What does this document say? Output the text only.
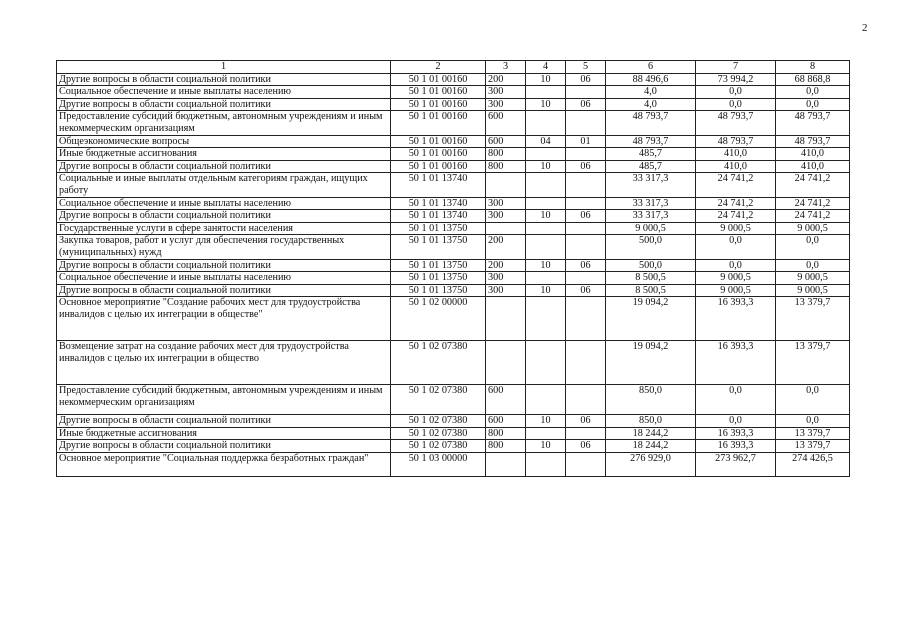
2
1	2	3	4	5	6	7	8
Другие вопросы в области социальной политики	50 1 01 00160	200	10	06	88 496,6	73 994,2	68 868,8
Социальное обеспечение и иные выплаты населению	50 1 01 00160	300			4,0	0,0	0,0
Другие вопросы в области социальной политики	50 1 01 00160	300	10	06	4,0	0,0	0,0
Предоставление субсидий бюджетным, автономным учреждениям и иным некоммерческим организациям	50 1 01 00160	600			48 793,7	48 793,7	48 793,7
Общеэкономические вопросы	50 1 01 00160	600	04	01	48 793,7	48 793,7	48 793,7
Иные бюджетные ассигнования	50 1 01 00160	800			485,7	410,0	410,0
Другие вопросы в области социальной политики	50 1 01 00160	800	10	06	485,7	410,0	410,0
Социальные и иные выплаты отдельным категориям граждан, ищущих работу	50 1 01 13740				33 317,3	24 741,2	24 741,2
Социальное обеспечение и иные выплаты населению	50 1 01 13740	300			33 317,3	24 741,2	24 741,2
Другие вопросы в области социальной политики	50 1 01 13740	300	10	06	33 317,3	24 741,2	24 741,2
Государственные услуги в сфере занятости населения	50 1 01 13750				9 000,5	9 000,5	9 000,5
Закупка товаров, работ и услуг для обеспечения государственных (муниципальных) нужд	50 1 01 13750	200			500,0	0,0	0,0
Другие вопросы в области социальной политики	50 1 01 13750	200	10	06	500,0	0,0	0,0
Социальное обеспечение и иные выплаты населению	50 1 01 13750	300			8 500,5	9 000,5	9 000,5
Другие вопросы в области социальной политики	50 1 01 13750	300	10	06	8 500,5	9 000,5	9 000,5
Основное мероприятие "Создание рабочих мест для трудоустройства инвалидов с целью их интеграции в обществе"	50 1 02 00000				19 094,2	16 393,3	13 379,7
Возмещение затрат на создание рабочих мест для трудоустройства инвалидов с целью их интеграции в общество	50 1 02 07380				19 094,2	16 393,3	13 379,7
Предоставление субсидий бюджетным, автономным учреждениям и иным некоммерческим организациям	50 1 02 07380	600			850,0	0,0	0,0
Другие вопросы в области социальной политики	50 1 02 07380	600	10	06	850,0	0,0	0,0
Иные бюджетные ассигнования	50 1 02 07380	800			18 244,2	16 393,3	13 379,7
Другие вопросы в области социальной политики	50 1 02 07380	800	10	06	18 244,2	16 393,3	13 379,7
Основное мероприятие "Социальная поддержка безработных граждан"	50 1 03 00000				276 929,0	273 962,7	274 426,5
